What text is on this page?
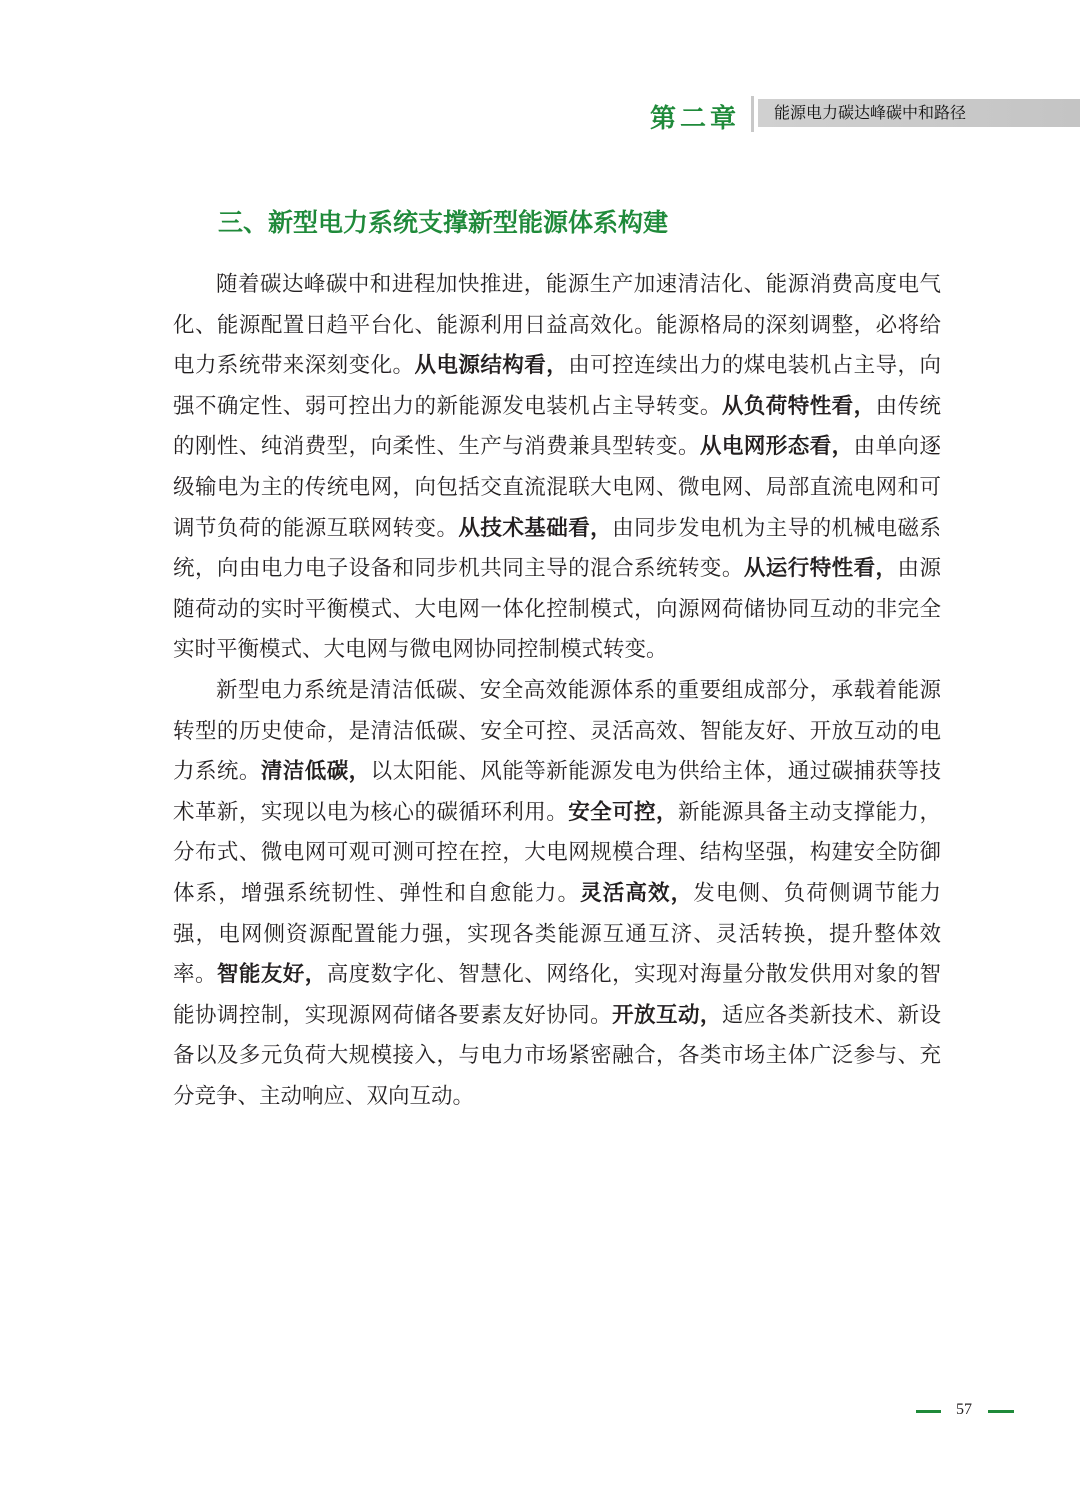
第二章 能源电力碳达峰碳中和路径
三、新型电力系统支撑新型能源体系构建

随着碳达峰碳中和进程加快推进，能源生产加速清洁化、能源消费高度电气化、能源配置日趋平台化、能源利用日益高效化。能源格局的深刻调整，必将给电力系统带来深刻变化。从电源结构看，由可控连续出力的煤电装机占主导，向强不确定性、弱可控出力的新能源发电装机占主导转变。从负荷特性看，由传统的刚性、纯消费型，向柔性、生产与消费兼具型转变。从电网形态看，由单向逐级输电为主的传统电网，向包括交直流混联大电网、微电网、局部直流电网和可调节负荷的能源互联网转变。从技术基础看，由同步发电机为主导的机械电磁系统，向由电力电子设备和同步机共同主导的混合系统转变。从运行特性看，由源随荷动的实时平衡模式、大电网一体化控制模式，向源网荷储协同互动的非完全实时平衡模式、大电网与微电网协同控制模式转变。

新型电力系统是清洁低碳、安全高效能源体系的重要组成部分，承载着能源转型的历史使命，是清洁低碳、安全可控、灵活高效、智能友好、开放互动的电力系统。清洁低碳，以太阳能、风能等新能源发电为供给主体，通过碳捕获等技术革新，实现以电为核心的碳循环利用。安全可控，新能源具备主动支撑能力，分布式、微电网可观可测可控在控，大电网规模合理、结构坚强，构建安全防御体系，增强系统韧性、弹性和自愈能力。灵活高效，发电侧、负荷侧调节能力强，电网侧资源配置能力强，实现各类能源互通互济、灵活转换，提升整体效率。智能友好，高度数字化、智慧化、网络化，实现对海量分散发供用对象的智能协调控制，实现源网荷储各要素友好协同。开放互动，适应各类新技术、新设备以及多元负荷大规模接入，与电力市场紧密融合，各类市场主体广泛参与、充分竞争、主动响应、双向互动。

57
